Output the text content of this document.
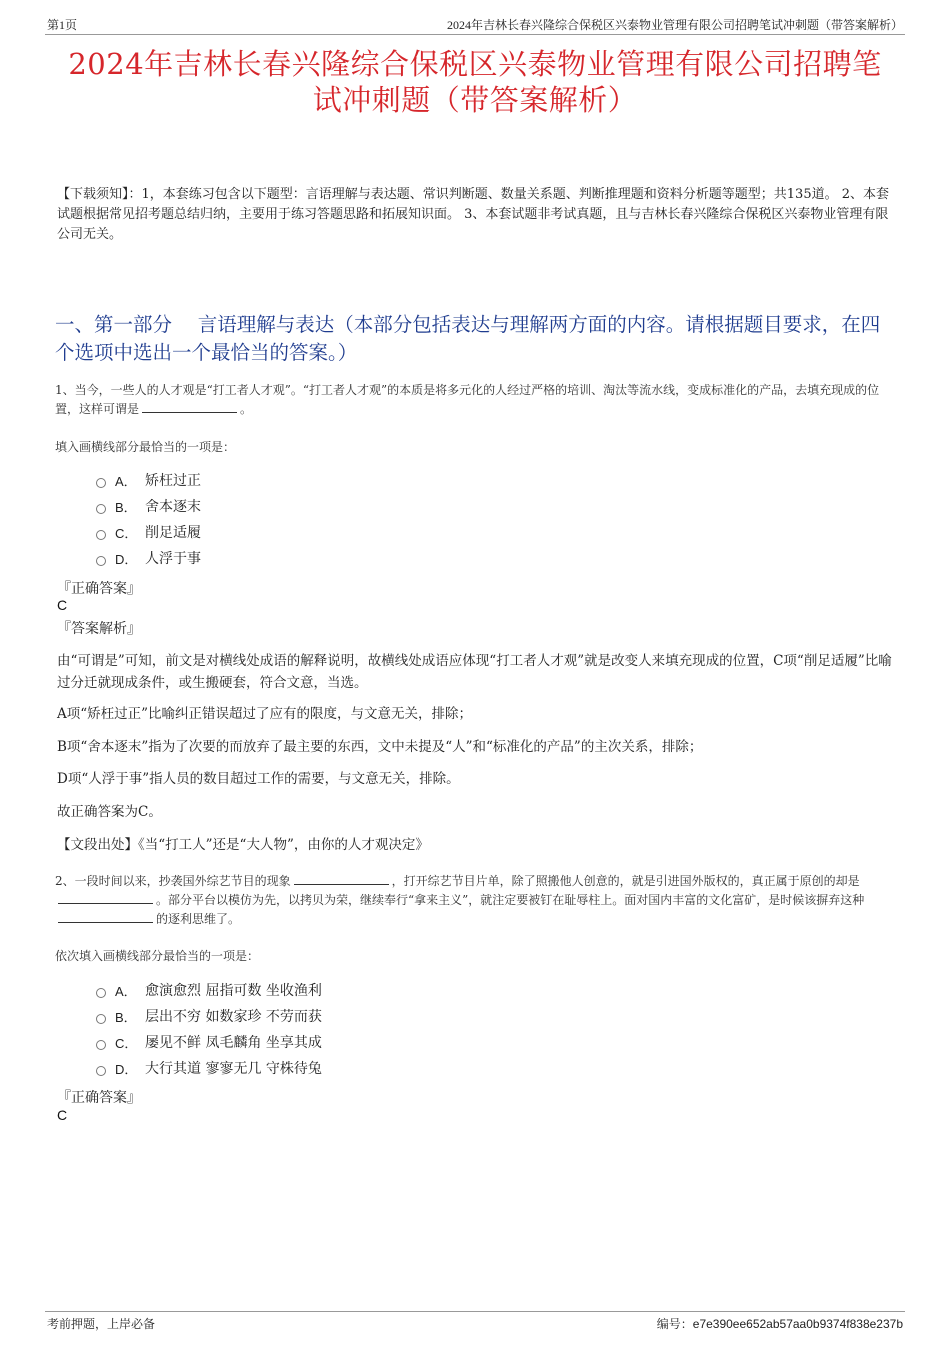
第1页	2024年吉林长春兴隆综合保税区兴泰物业管理有限公司招聘笔试冲刺题（带答案解析）
2024年吉林长春兴隆综合保税区兴泰物业管理有限公司招聘笔
试冲刺题（带答案解析）
【下载须知】：1，本套练习包含以下题型：言语理解与表达题、常识判断题、数量关系题、判断推理题和资料分析题等题型；共135道。 2、本套试题根据常见招考题总结归纳，主要用于练习答题思路和拓展知识面。 3、本套试题非考试真题，且与吉林长春兴隆综合保税区兴泰物业管理有限公司无关。
一、第一部分　 言语理解与表达（本部分包括表达与理解两方面的内容。请根据题目要求，在四个选项中选出一个最恰当的答案。）
1、当今，一些人的人才观是“打工者人才观”。“打工者人才观”的本质是将多元化的人经过严格的培训、淘汰等流水线，变成标准化的产品，去填充现成的位置，这样可谓是	。
填入画横线部分最恰当的一项是：
A． 矫枉过正
B． 舍本逐末
C． 削足适履
D． 人浮于事
『正确答案』
C
『答案解析』
由“可谓是”可知，前文是对横线处成语的解释说明，故横线处成语应体现“打工者人才观”就是改变人来填充现成的位置，C项“削足适履”比喻过分迁就现成条件，或生搬硬套，符合文意，当选。
A项“矫枉过正”比喻纠正错误超过了应有的限度，与文意无关，排除；
B项“舍本逐末”指为了次要的而放弃了最主要的东西，文中未提及“人”和“标准化的产品”的主次关系，排除；
D项“人浮于事”指人员的数目超过工作的需要，与文意无关，排除。
故正确答案为C。
【文段出处】《当“打工人”还是“大人物”，由你的人才观决定》
2、一段时间以来，抄袭国外综艺节目的现象	，打开综艺节目片单，除了照搬他人创意的，就是引进国外版权的，真正属于原创的却是。部分平台以模仿为先，以拷贝为荣，继续奉行“拿来主义”，就注定要被钉在耻辱柱上。面对国内丰富的文化富矿，是时候该摒弃这种的逐利思维了。
依次填入画横线部分最恰当的一项是：
A． 愈演愈烈 屈指可数 坐收渔利
B． 层出不穷 如数家珍 不劳而获
C． 屡见不鲜 凤毛麟角 坐享其成
D． 大行其道 寥寥无几 守株待兔
『正确答案』
C
考前押题，上岸必备	编号：e7e390ee652ab57aa0b9374f838e237b
